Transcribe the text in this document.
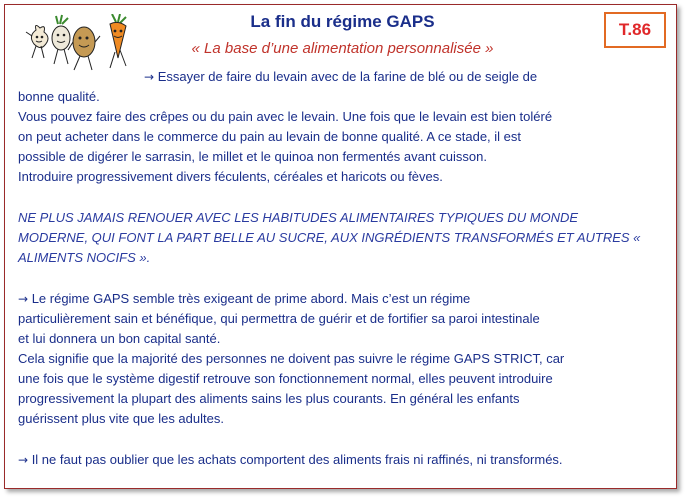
La fin du régime GAPS
« La base d’une alimentation personnalisée »
T.86

→ Essayer de faire du levain avec de la farine de blé ou de seigle de

bonne qualité.

Vous pouvez faire des crêpes ou du pain avec le levain. Une fois que le levain est bien toléré

on peut acheter dans le commerce du pain au levain de bonne qualité. A ce stade, il est

possible de digérer le sarrasin, le millet et le quinoa non fermentés avant cuisson.

Introduire progressivement divers féculents, céréales et haricots ou fèves.

NE PLUS JAMAIS RENOUER AVEC LES HABITUDES ALIMENTAIRES TYPIQUES DU MONDE

MODERNE, QUI FONT LA PART BELLE AU SUCRE, AUX INGRÉDIENTS TRANSFORMÉS ET AUTRES «

ALIMENTS NOCIFS ».

→ Le régime GAPS semble très exigeant de prime abord. Mais c’est un régime

particulièrement sain et bénéfique, qui permettra de guérir et de fortifier sa paroi intestinale

et lui donnera un bon capital santé.

Cela signifie que la majorité des personnes ne doivent pas suivre le régime GAPS STRICT, car

une fois que le système digestif retrouve son fonctionnement normal, elles peuvent introduire

progressivement la plupart des aliments sains les plus courants. En général les enfants

guérissent plus vite que les adultes.

→ Il ne faut pas oublier que les achats comportent des aliments frais ni raffinés, ni transformés.
